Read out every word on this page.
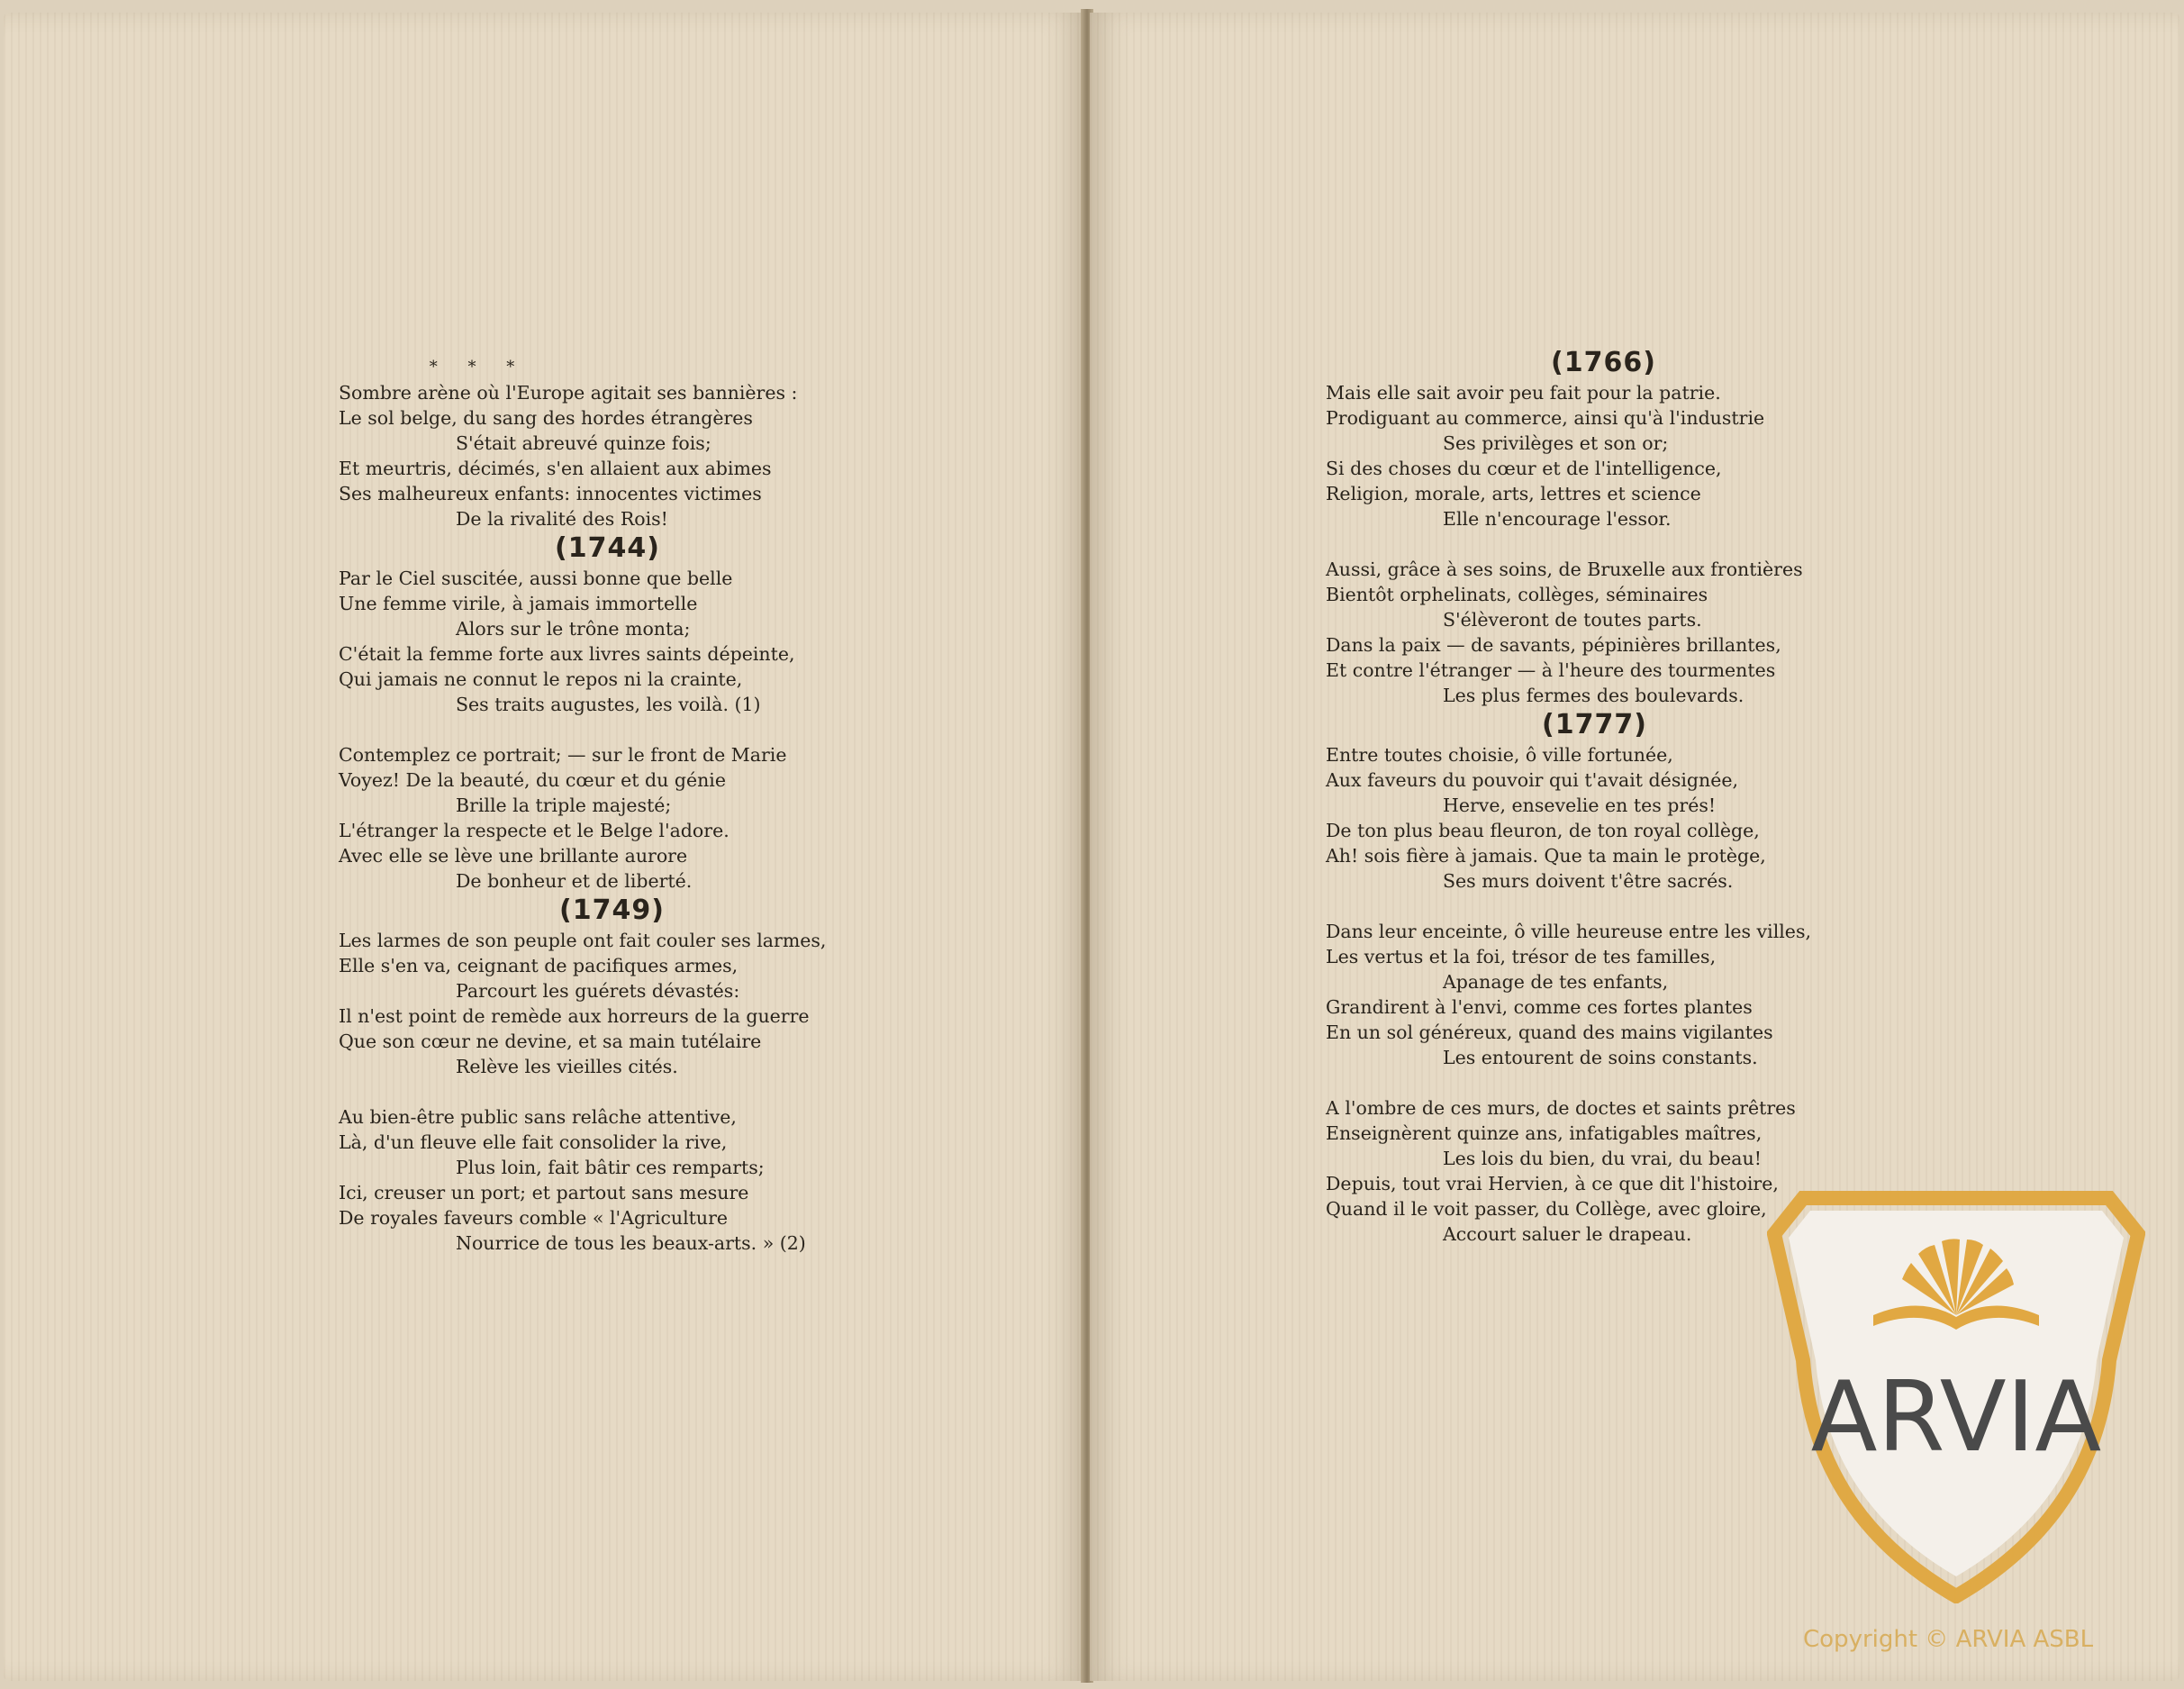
* * *
Sombre arène où l'Europe agitait ses bannières :
Le sol belge, du sang des hordes étrangères
S'était abreuvé quinze fois;
Et meurtris, décimés, s'en allaient aux abimes
Ses malheureux enfants: innocentes victimes
De la rivalité des Rois!
(1744)
Par le Ciel suscitée, aussi bonne que belle
Une femme virile, à jamais immortelle
Alors sur le trône monta;
C'était la femme forte aux livres saints dépeinte,
Qui jamais ne connut le repos ni la crainte,
Ses traits augustes, les voilà. (1)
Contemplez ce portrait; — sur le front de Marie
Voyez! De la beauté, du cœur et du génie
Brille la triple majesté;
L'étranger la respecte et le Belge l'adore.
Avec elle se lève une brillante aurore
De bonheur et de liberté.
(1749)
Les larmes de son peuple ont fait couler ses larmes,
Elle s'en va, ceignant de pacifiques armes,
Parcourt les guérets dévastés:
Il n'est point de remède aux horreurs de la guerre
Que son cœur ne devine, et sa main tutélaire
Relève les vieilles cités.
Au bien-être public sans relâche attentive,
Là, d'un fleuve elle fait consolider la rive,
Plus loin, fait bâtir ces remparts;
Ici, creuser un port; et partout sans mesure
De royales faveurs comble « l'Agriculture
Nourrice de tous les beaux-arts. » (2)
(1766)
Mais elle sait avoir peu fait pour la patrie.
Prodiguant au commerce, ainsi qu'à l'industrie
Ses privilèges et son or;
Si des choses du cœur et de l'intelligence,
Religion, morale, arts, lettres et science
Elle n'encourage l'essor.
Aussi, grâce à ses soins, de Bruxelle aux frontières
Bientôt orphelinats, collèges, séminaires
S'élèveront de toutes parts.
Dans la paix — de savants, pépinières brillantes,
Et contre l'étranger — à l'heure des tourmentes
Les plus fermes des boulevards.
(1777)
Entre toutes choisie, ô ville fortunée,
Aux faveurs du pouvoir qui t'avait désignée,
Herve, ensevelie en tes prés!
De ton plus beau fleuron, de ton royal collège,
Ah! sois fière à jamais. Que ta main le protège,
Ses murs doivent t'être sacrés.
Dans leur enceinte, ô ville heureuse entre les villes,
Les vertus et la foi, trésor de tes familles,
Apanage de tes enfants,
Grandirent à l'envi, comme ces fortes plantes
En un sol généreux, quand des mains vigilantes
Les entourent de soins constants.
A l'ombre de ces murs, de doctes et saints prêtres
Enseignèrent quinze ans, infatigables maîtres,
Les lois du bien, du vrai, du beau!
Depuis, tout vrai Hervien, à ce que dit l'histoire,
Quand il le voit passer, du Collège, avec gloire,
Accourt saluer le drapeau.
ARVIA
Copyright © ARVIA ASBL
